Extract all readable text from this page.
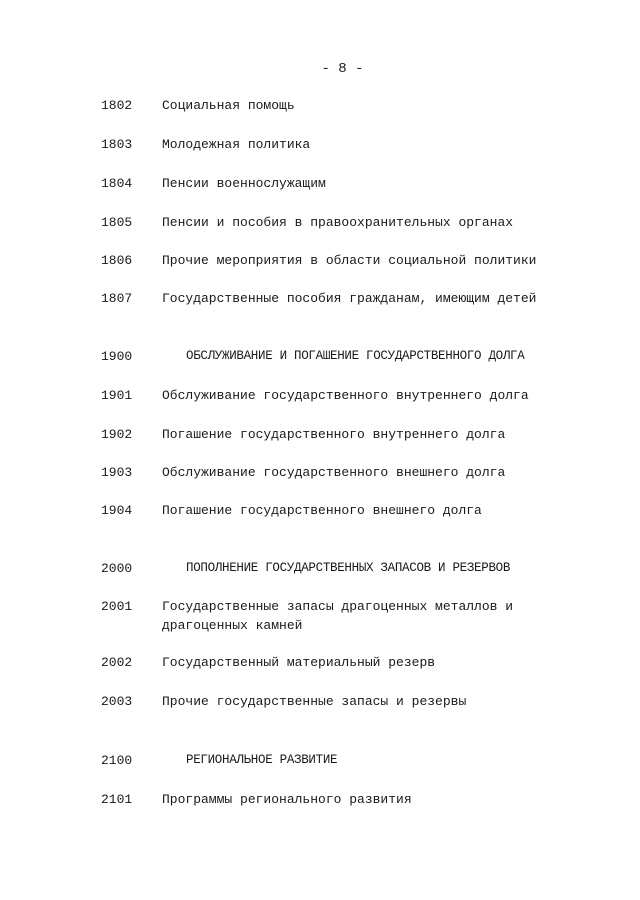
- 8 -
1802	Социальная помощь
1803	Молодежная политика
1804	Пенсии военнослужащим
1805	Пенсии и пособия в правоохранительных органах
1806	Прочие мероприятия в области социальной политики
1807	Государственные пособия гражданам, имеющим детей
1900	ОБСЛУЖИВАНИЕ И ПОГАШЕНИЕ ГОСУДАРСТВЕННОГО ДОЛГА
1901	Обслуживание государственного внутреннего долга
1902	Погашение государственного внутреннего долга
1903	Обслуживание государственного внешнего долга
1904	Погашение государственного внешнего долга
2000	ПОПОЛНЕНИЕ ГОСУДАРСТВЕННЫХ ЗАПАСОВ И РЕЗЕРВОВ
2001	Государственные запасы драгоценных металлов и
драгоценных камней
2002	Государственный материальный резерв
2003	Прочие государственные запасы и резервы
2100	РЕГИОНАЛЬНОЕ РАЗВИТИЕ
2101	Программы регионального развития
